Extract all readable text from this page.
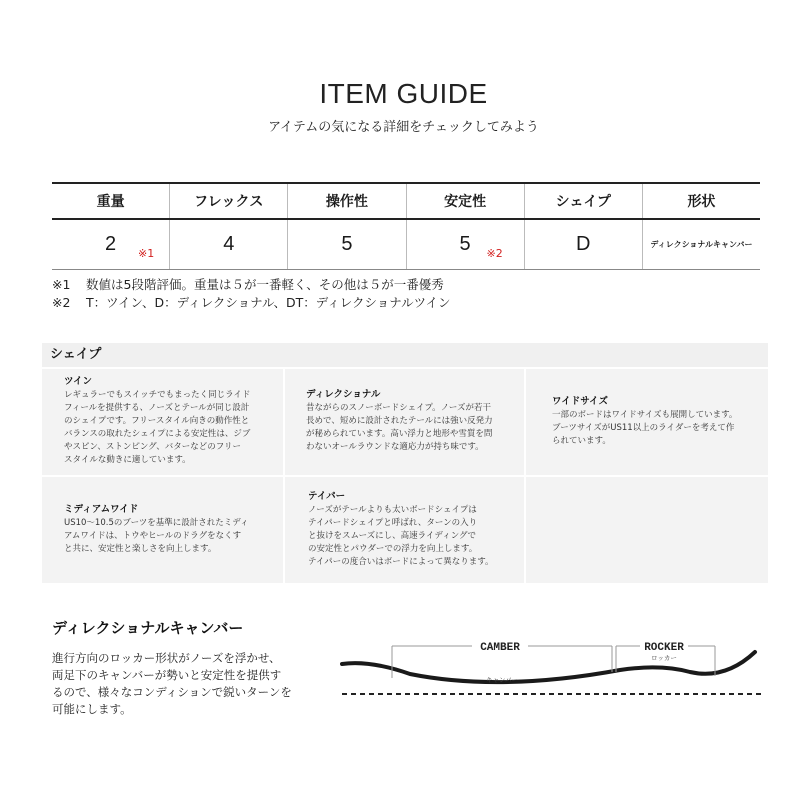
ITEM GUIDE
アイテムの気になる詳細をチェックしてみよう
重量	フレックス	操作性	安定性	シェイプ	形状
2 ※1	4	5	5 ※2	D	ディレクショナルキャンバー
※1	数値は5段階評価。重量は５が一番軽く、その他は５が一番優秀
※2	T：ツイン、D：ディレクショナル、DT：ディレクショナルツイン
シェイプ
ツイン
レギュラーでもスイッチでもまったく同じライド
フィールを提供する、ノーズとテールが同じ設計
のシェイプです。フリースタイル向きの動作性と
バランスの取れたシェイプによる安定性は、ジブ
やスピン、ストンピング、バターなどのフリー
スタイルな動きに適しています。
ディレクショナル
昔ながらのスノーボードシェイプ。ノーズが若干
長めで、短めに設計されたテールには強い反発力
が秘められています。高い浮力と地形や雪質を問
わないオールラウンドな適応力が持ち味です。
ワイドサイズ
一部のボードはワイドサイズも展開しています。
ブーツサイズがUS11以上のライダーを考えて作
られています。
ミディアムワイド
US10～10.5のブーツを基準に設計されたミディ
アムワイドは、トウやヒールのドラグをなくす
と共に、安定性と楽しさを向上します。
テイパー
ノーズがテールよりも太いボードシェイプは
テイパードシェイプと呼ばれ、ターンの入り
と抜けをスムーズにし、高速ライディングで
の安定性とパウダーでの浮力を向上します。
テイパーの度合いはボードによって異なります。
ディレクショナルキャンバー
進行方向のロッカー形状がノーズを浮かせ、
両足下のキャンバーが勢いと安定性を提供す
るので、様々なコンディションで鋭いターンを
可能にします。
CAMBER
キャンバー
ROCKER
ロッカー
